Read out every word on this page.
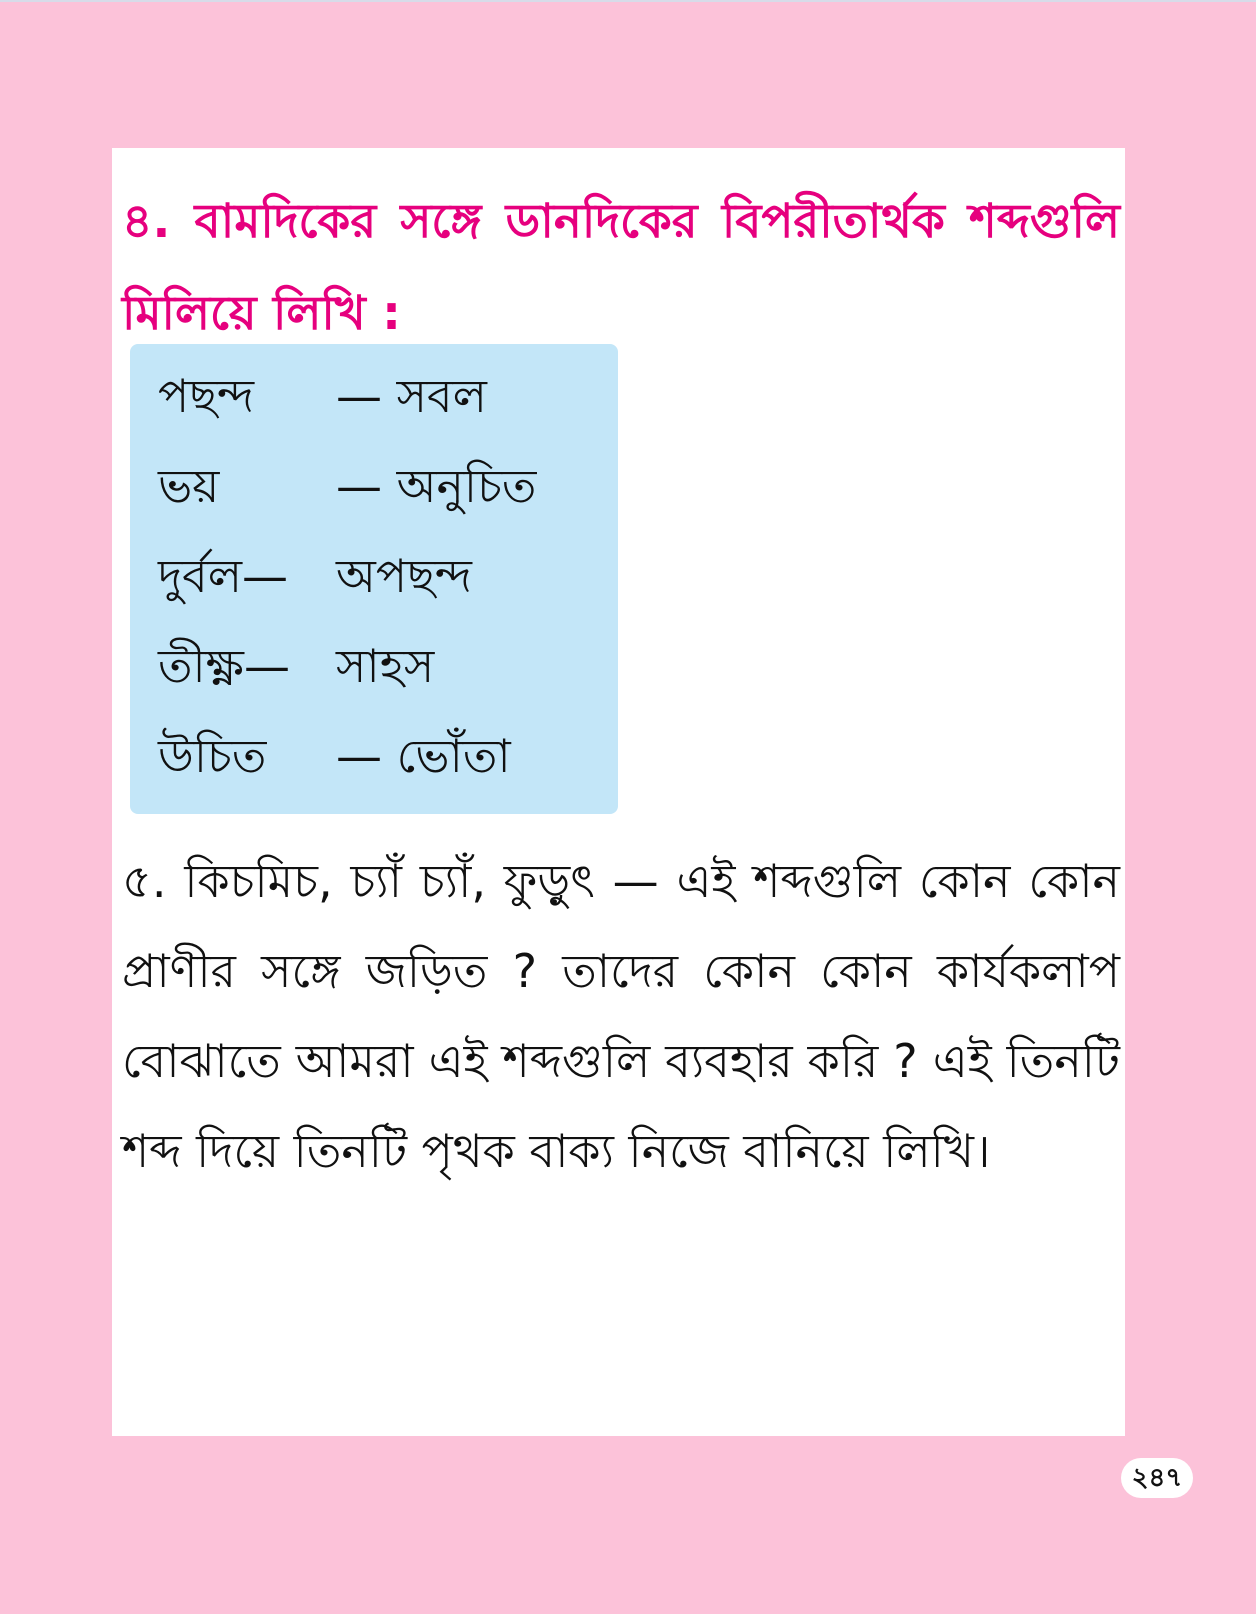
৪. বামদিকের সঙ্গে ডানদিকের বিপরীতার্থক শব্দগুলি মিলিয়ে লিখি :

পছন্দ — সবল
ভয়	— অনুচিত
দুর্বল— অপছন্দ
তীক্ষ্ণ— সাহস
উচিত — ভোঁতা

৫. কিচমিচ, চ্যাঁ চ্যাঁ, ফুড়ুৎ — এই শব্দগুলি কোন কোন প্রাণীর সঙ্গে জড়িত ? তাদের কোন কোন কার্যকলাপ বোঝাতে আমরা এই শব্দগুলি ব্যবহার করি ? এই তিনটি শব্দ দিয়ে তিনটি পৃথক বাক্য নিজে বানিয়ে লিখি।

২৪৭
